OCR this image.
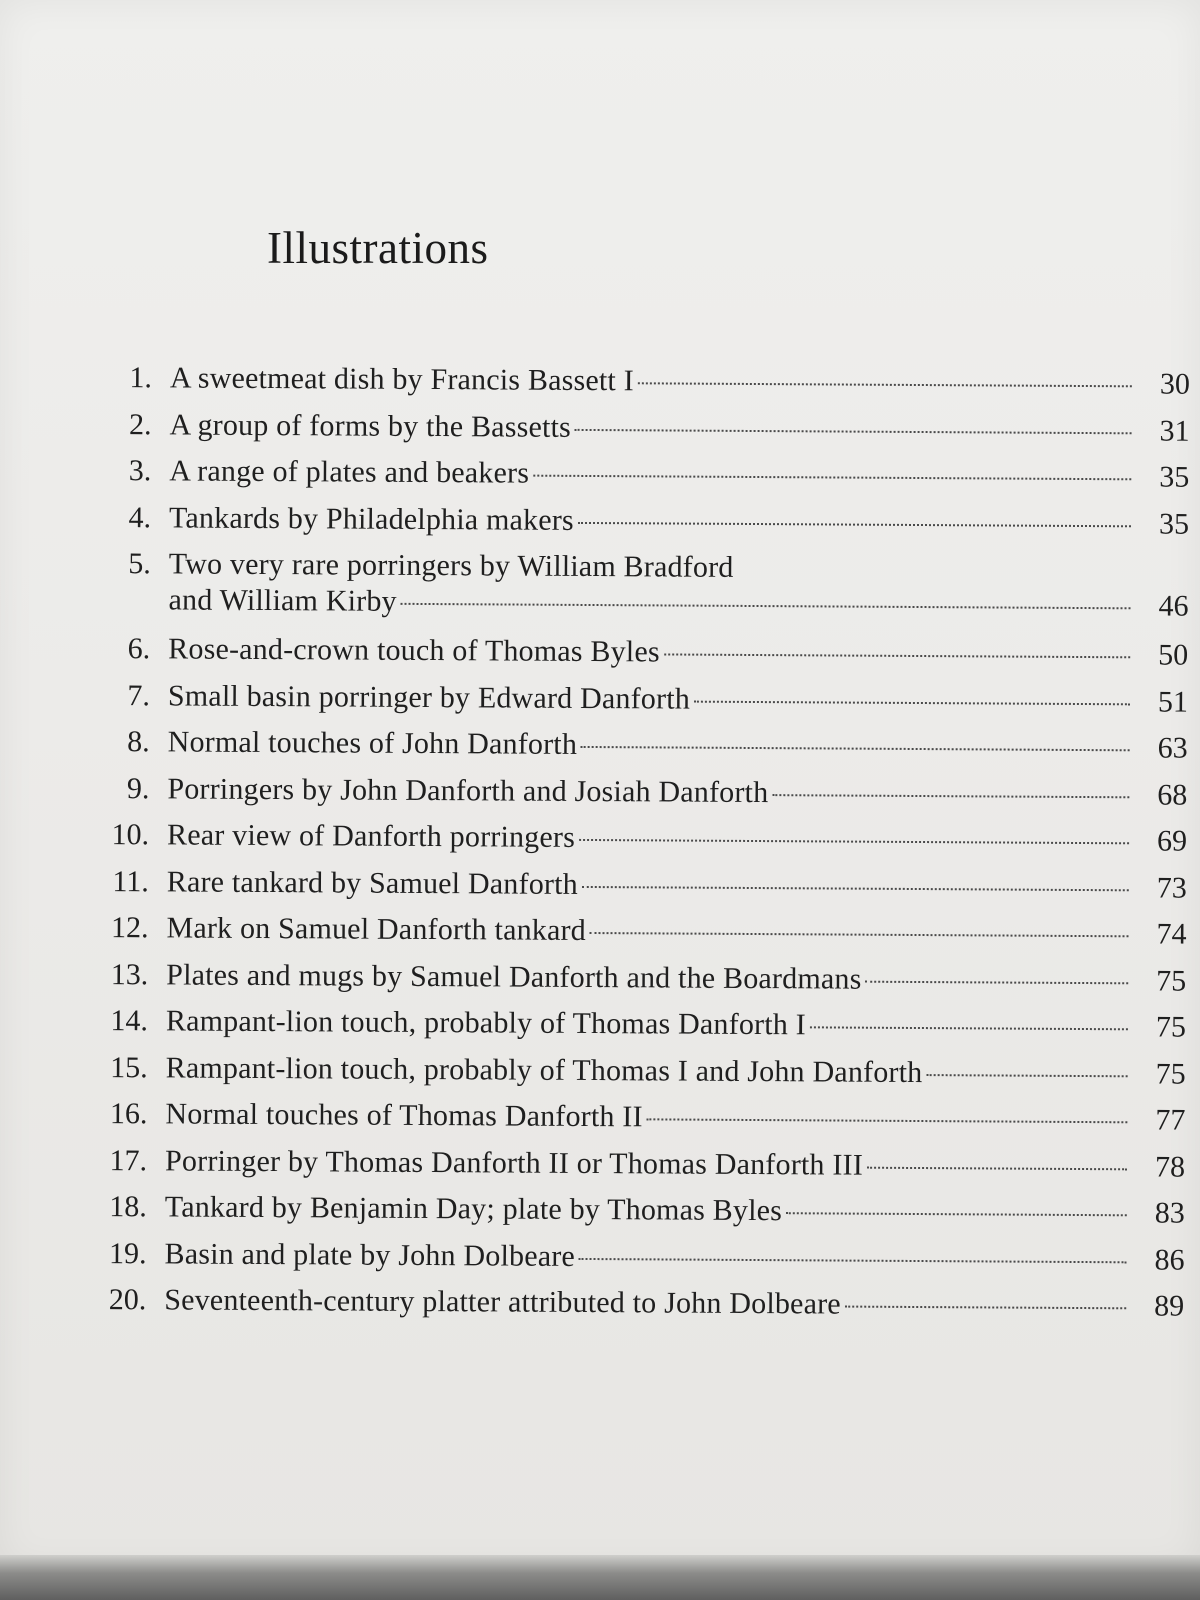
Illustrations
1. A sweetmeat dish by Francis Bassett I	30
2. A group of forms by the Bassetts	31
3. A range of plates and beakers	35
4. Tankards by Philadelphia makers	35
5. Two very rare porringers by William Bradford
and William Kirby	46
6. Rose-and-crown touch of Thomas Byles	50
7. Small basin porringer by Edward Danforth	51
8. Normal touches of John Danforth	63
9. Porringers by John Danforth and Josiah Danforth	68
10. Rear view of Danforth porringers	69
11. Rare tankard by Samuel Danforth	73
12. Mark on Samuel Danforth tankard	74
13. Plates and mugs by Samuel Danforth and the Boardmans	75
14. Rampant-lion touch, probably of Thomas Danforth I	75
15. Rampant-lion touch, probably of Thomas I and John Danforth	75
16. Normal touches of Thomas Danforth II	77
17. Porringer by Thomas Danforth II or Thomas Danforth III	78
18. Tankard by Benjamin Day; plate by Thomas Byles	83
19. Basin and plate by John Dolbeare	86
20. Seventeenth-century platter attributed to John Dolbeare	89
